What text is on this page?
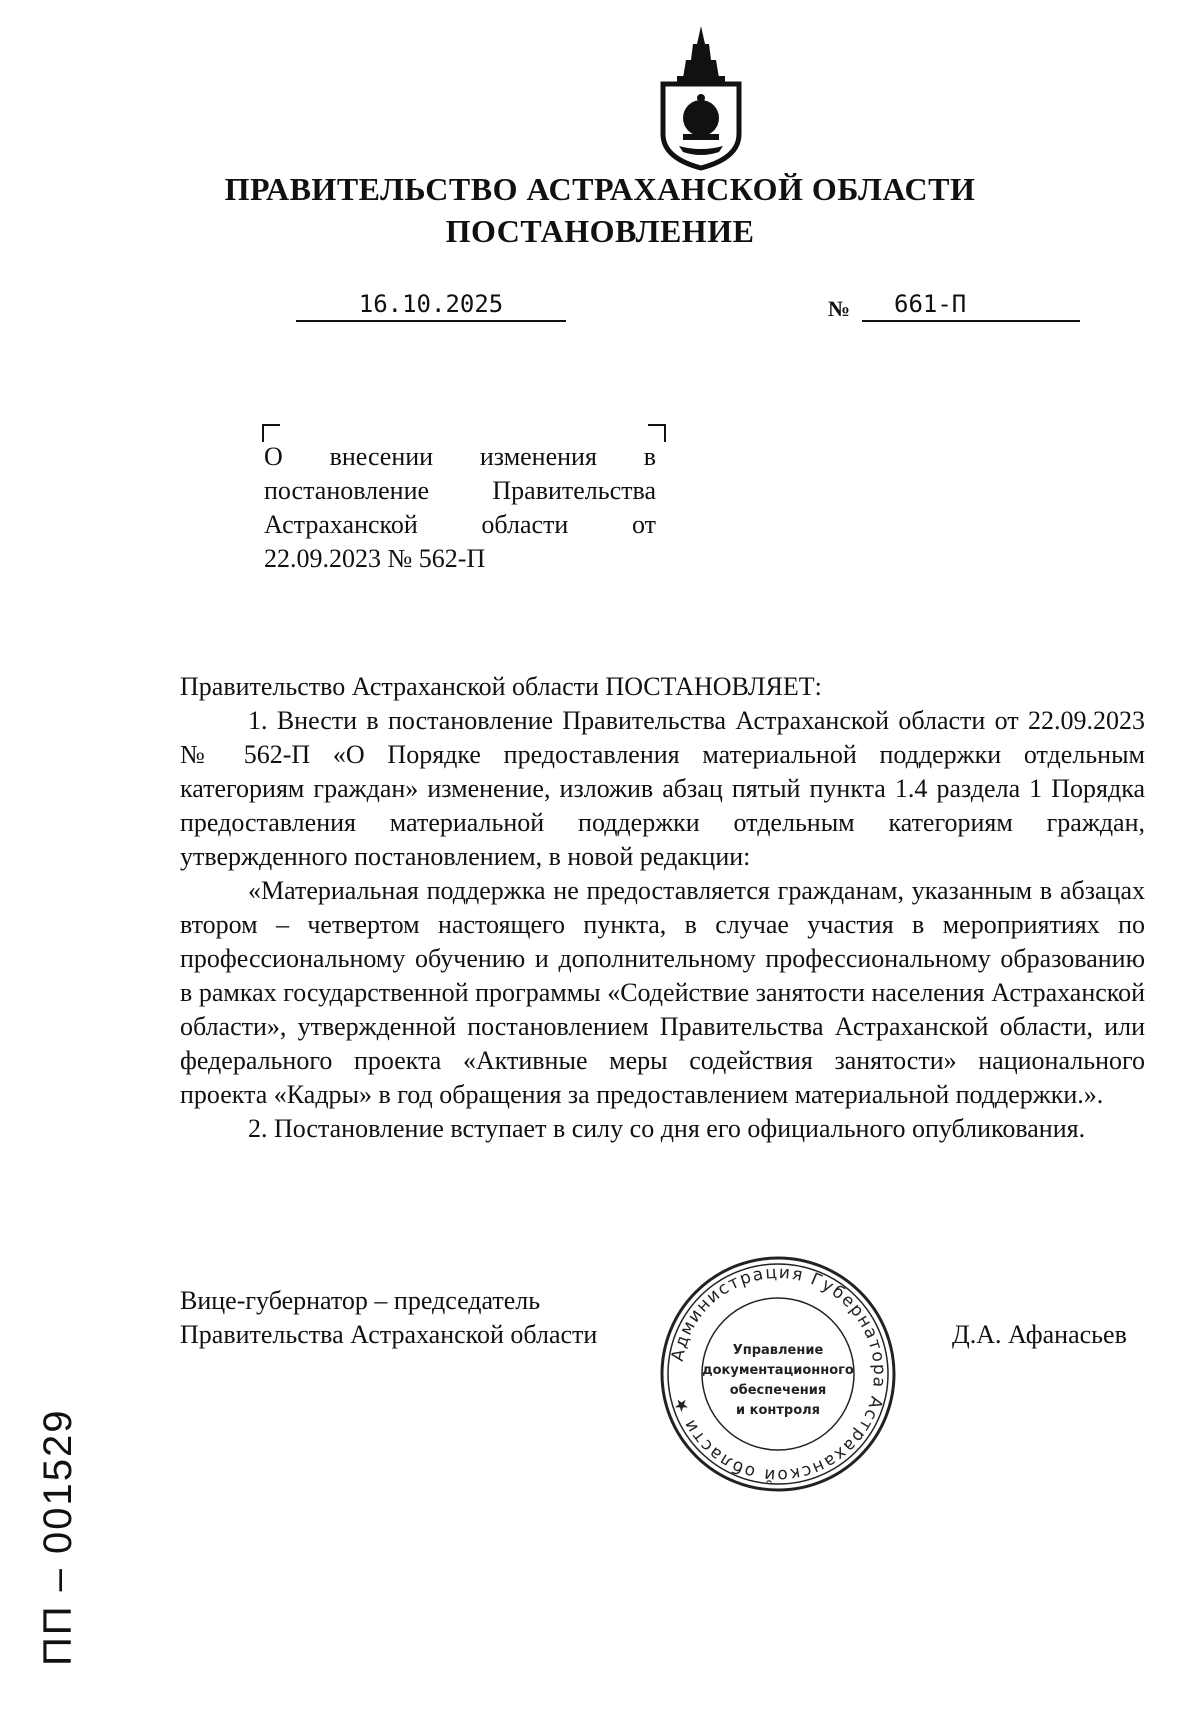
ПРАВИТЕЛЬСТВО АСТРАХАНСКОЙ ОБЛАСТИ
ПОСТАНОВЛЕНИЕ
16.10.2025	№	661-П
О внесении изменения в постановление Правительства Астраханской области от 22.09.2023 № 562-П

Правительство Астраханской области ПОСТАНОВЛЯЕТ:

1. Внести в постановление Правительства Астраханской области от 22.09.2023 № 562-П «О Порядке предоставления материальной поддержки отдельным категориям граждан» изменение, изложив абзац пятый пункта 1.4 раздела 1 Порядка предоставления материальной поддержки отдельным категориям граждан, утвержденного постановлением, в новой редакции:

«Материальная поддержка не предоставляется гражданам, указанным в абзацах втором – четвертом настоящего пункта, в случае участия в мероприятиях по профессиональному обучению и дополнительному профессиональному образованию в рамках государственной программы «Содействие занятости населения Астраханской области», утвержденной постановлением Правительства Астраханской области, или федерального проекта «Активные меры содействия занятости» национального проекта «Кадры» в год обращения за предоставлением материальной поддержки.».

2. Постановление вступает в силу со дня его официального опубликования.

Вице-губернатор – председатель
Правительства Астраханской области	Д.А. Афанасьев
Администрация Губернатора Астраханской области ★
Управление
документационного
обеспечения
и контроля
ПП – 001529
